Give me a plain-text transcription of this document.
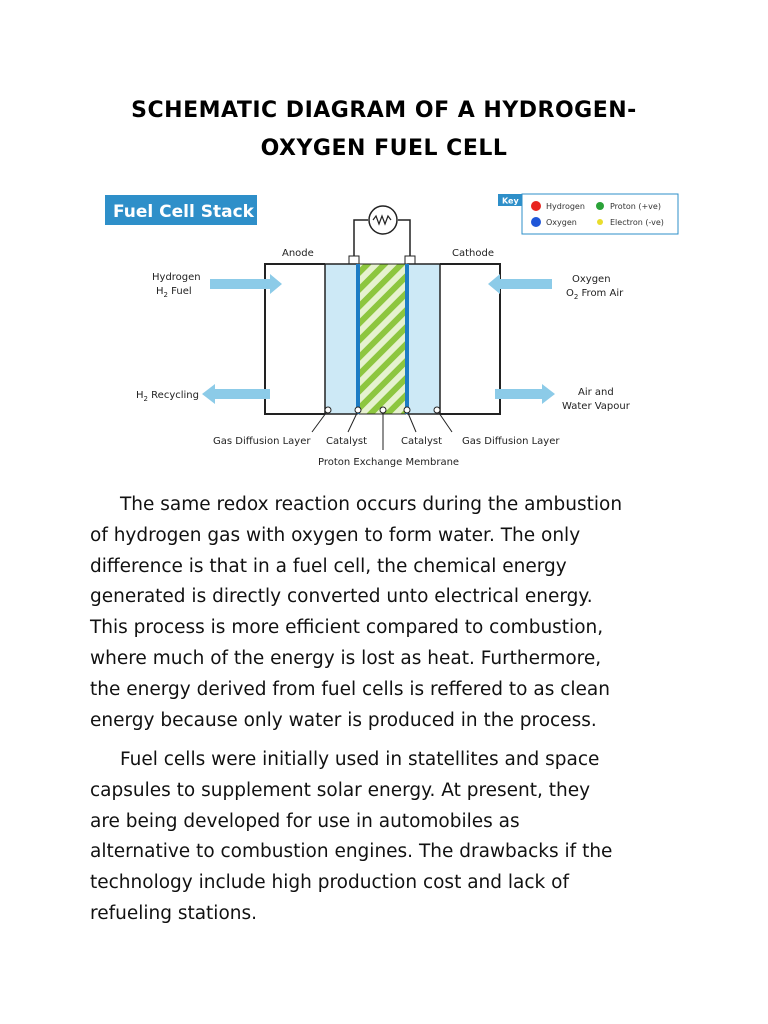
SCHEMATIC DIAGRAM OF A HYDROGEN-
OXYGEN FUEL CELL
Fuel Cell Stack
Key
Hydrogen	Proton (+ve)
Oxygen	Electron (-ve)
Anode	Cathode
Gas Diffusion Layer Catalyst	Catalyst Gas Diffusion Layer
Proton Exchange Membrane
Hydrogen
$H_2$ Fuel
$H_2$ Recycling
Oxygen
$O_2$ From Air
Air and
Water Vapour
The same redox reaction occurs during the ambustion
of hydrogen gas with oxygen to form water. The only
difference is that in a fuel cell, the chemical energy
generated is directly converted unto electrical energy.
This process is more efficient compared to combustion,
where much of the energy is lost as heat. Furthermore,
the energy derived from fuel cells is reffered to as clean
energy because only water is produced in the process.
Fuel cells were initially used in statellites and space
capsules to supplement solar energy. At present, they
are being developed for use in automobiles as
alternative to combustion engines. The drawbacks if the
technology include high production cost and lack of
refueling stations.
